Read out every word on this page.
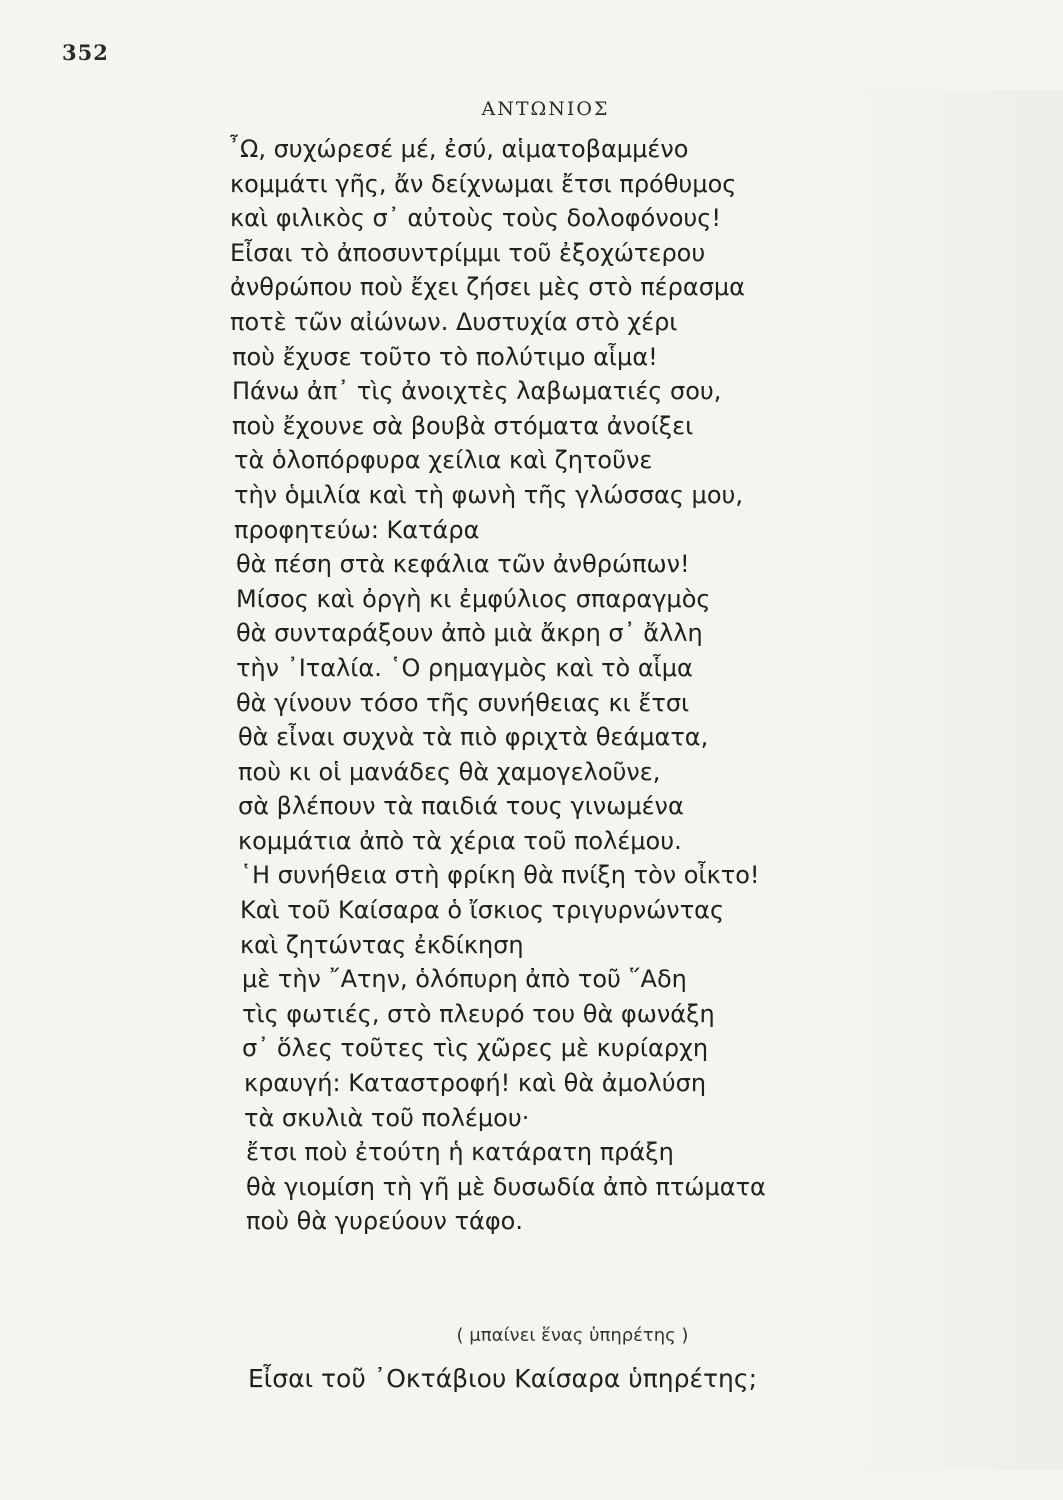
352
ΑΝΤΩΝΙΟΣ
῏Ω, συχώρεσέ μέ, ἐσύ, αἱματοβαμμένο
κομμάτι γῆς, ἄν δείχνωμαι ἔτσι πρόθυμος
καὶ φιλικὸς σ᾿ αὐτοὺς τοὺς δολοφόνους!
Εἶσαι τὸ ἀποσυντρίμμι τοῦ ἐξοχώτερου
ἀνθρώπου ποὺ ἔχει ζήσει μὲς στὸ πέρασμα
ποτὲ τῶν αἰώνων. Δυστυχία στὸ χέρι
ποὺ ἔχυσε τοῦτο τὸ πολύτιμο αἷμα!
Πάνω ἀπ᾿ τὶς ἀνοιχτὲς λαβωματιές σου,
ποὺ ἔχουνε σὰ βουβὰ στόματα ἀνοίξει
τὰ ὁλοπόρφυρα χείλια καὶ ζητοῦνε
τὴν ὁμιλία καὶ τὴ φωνὴ τῆς γλώσσας μου,
προφητεύω: Κατάρα
θὰ πέση στὰ κεφάλια τῶν ἀνθρώπων!
Μίσος καὶ ὀργὴ κι ἐμφύλιος σπαραγμὸς
θὰ συνταράξουν ἀπὸ μιὰ ἄκρη σ᾿ ἄλλη
τὴν ᾿Ιταλία. ῾Ο ρημαγμὸς καὶ τὸ αἷμα
θὰ γίνουν τόσο τῆς συνήθειας κι ἔτσι
θὰ εἶναι συχνὰ τὰ πιὸ φριχτὰ θεάματα,
ποὺ κι οἱ μανάδες θὰ χαμογελοῦνε,
σὰ βλέπουν τὰ παιδιά τους γινωμένα
κομμάτια ἀπὸ τὰ χέρια τοῦ πολέμου.
῾Η συνήθεια στὴ φρίκη θὰ πνίξη τὸν οἶκτο!
Καὶ τοῦ Καίσαρα ὁ ἴσκιος τριγυρνώντας
καὶ ζητώντας ἐκδίκηση
μὲ τὴν ῎Ατην, ὁλόπυρη ἀπὸ τοῦ ῞Αδη
τὶς φωτιές, στὸ πλευρό του θὰ φωνάξη
σ᾿ ὅλες τοῦτες τὶς χῶρες μὲ κυρίαρχη
κραυγή: Καταστροφή! καὶ θὰ ἀμολύση
τὰ σκυλιὰ τοῦ πολέμου·
ἔτσι ποὺ ἐτούτη ἡ κατάρατη πράξη
θὰ γιομίση τὴ γῆ μὲ δυσωδία ἀπὸ πτώματα
ποὺ θὰ γυρεύουν τάφο.
( μπαίνει ἕνας ὑπηρέτης )
Εἶσαι τοῦ ᾿Οκτάβιου Καίσαρα ὑπηρέτης;
